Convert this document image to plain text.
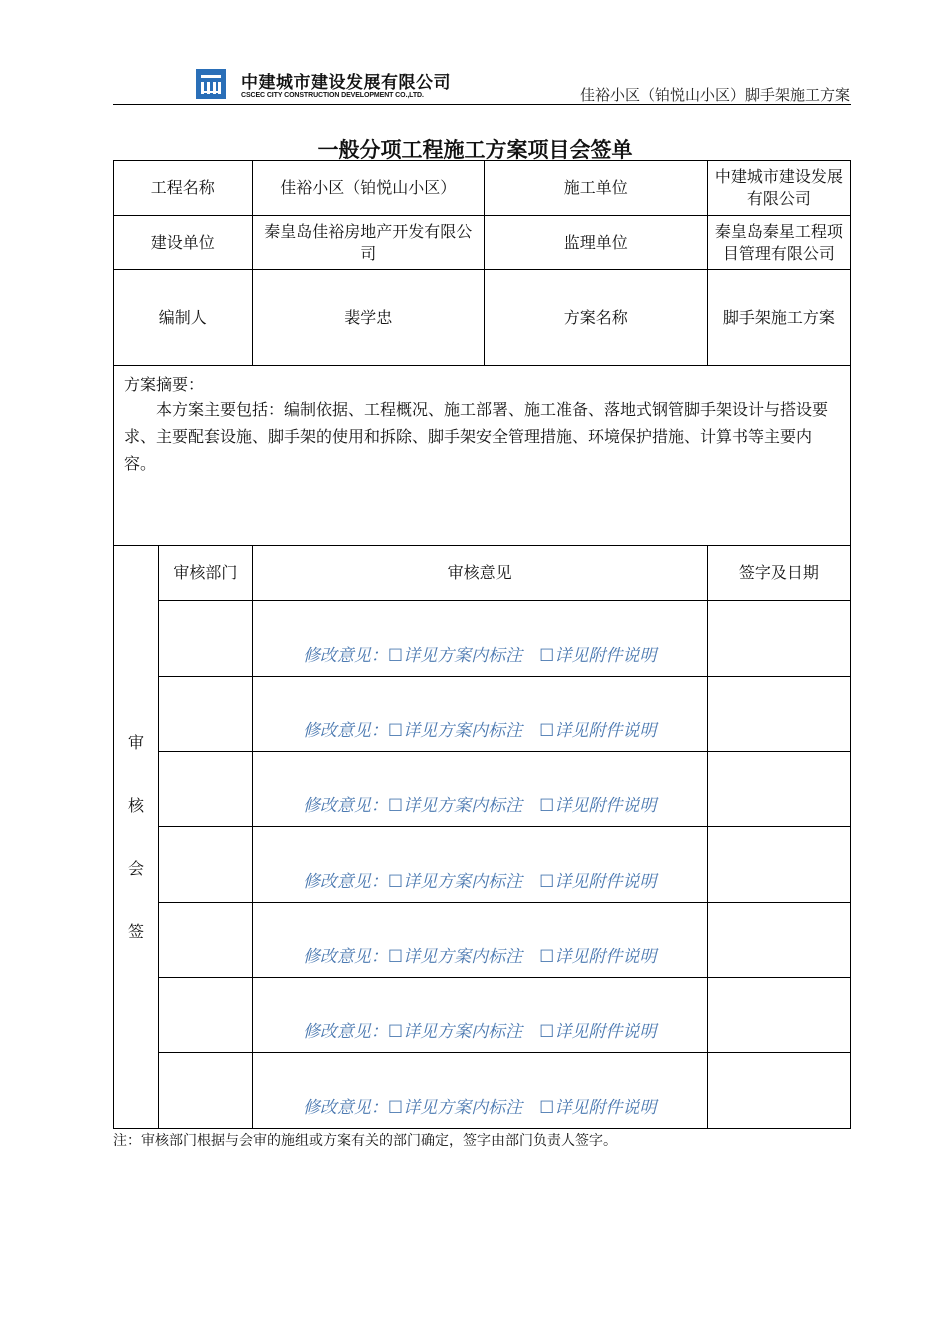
中建城市建设发展有限公司
CSCEC CITY CONSTRUCTION DEVELOPMENT CO.,LTD.	佳裕小区（铂悦山小区）脚手架施工方案
一般分项工程施工方案项目会签单
工程名称		佳裕小区（铂悦山小区）	施工单位	中建城市建设发展有限公司
建设单位		秦皇岛佳裕房地产开发有限公司	监理单位	秦皇岛秦星工程项目管理有限公司
编制人		裴学忠	方案名称	脚手架施工方案

方案摘要：
本方案主要包括：编制依据、工程概况、施工部署、施工准备、落地式钢管脚手架设计与搭设要求、主要配套设施、脚手架的使用和拆除、脚手架安全管理措施、环境保护措施、计算书等主要内容。				

审
核
会
签	审核部门	审核意见		签字及日期

		修改意见：☐详见方案内标注　☐详见附件说明		

		修改意见：☐详见方案内标注　☐详见附件说明		

		修改意见：☐详见方案内标注　☐详见附件说明		

		修改意见：☐详见方案内标注　☐详见附件说明		

		修改意见：☐详见方案内标注　☐详见附件说明		

		修改意见：☐详见方案内标注　☐详见附件说明		

		修改意见：☐详见方案内标注　☐详见附件说明		

注：审核部门根据与会审的施组或方案有关的部门确定，签字由部门负责人签字。
